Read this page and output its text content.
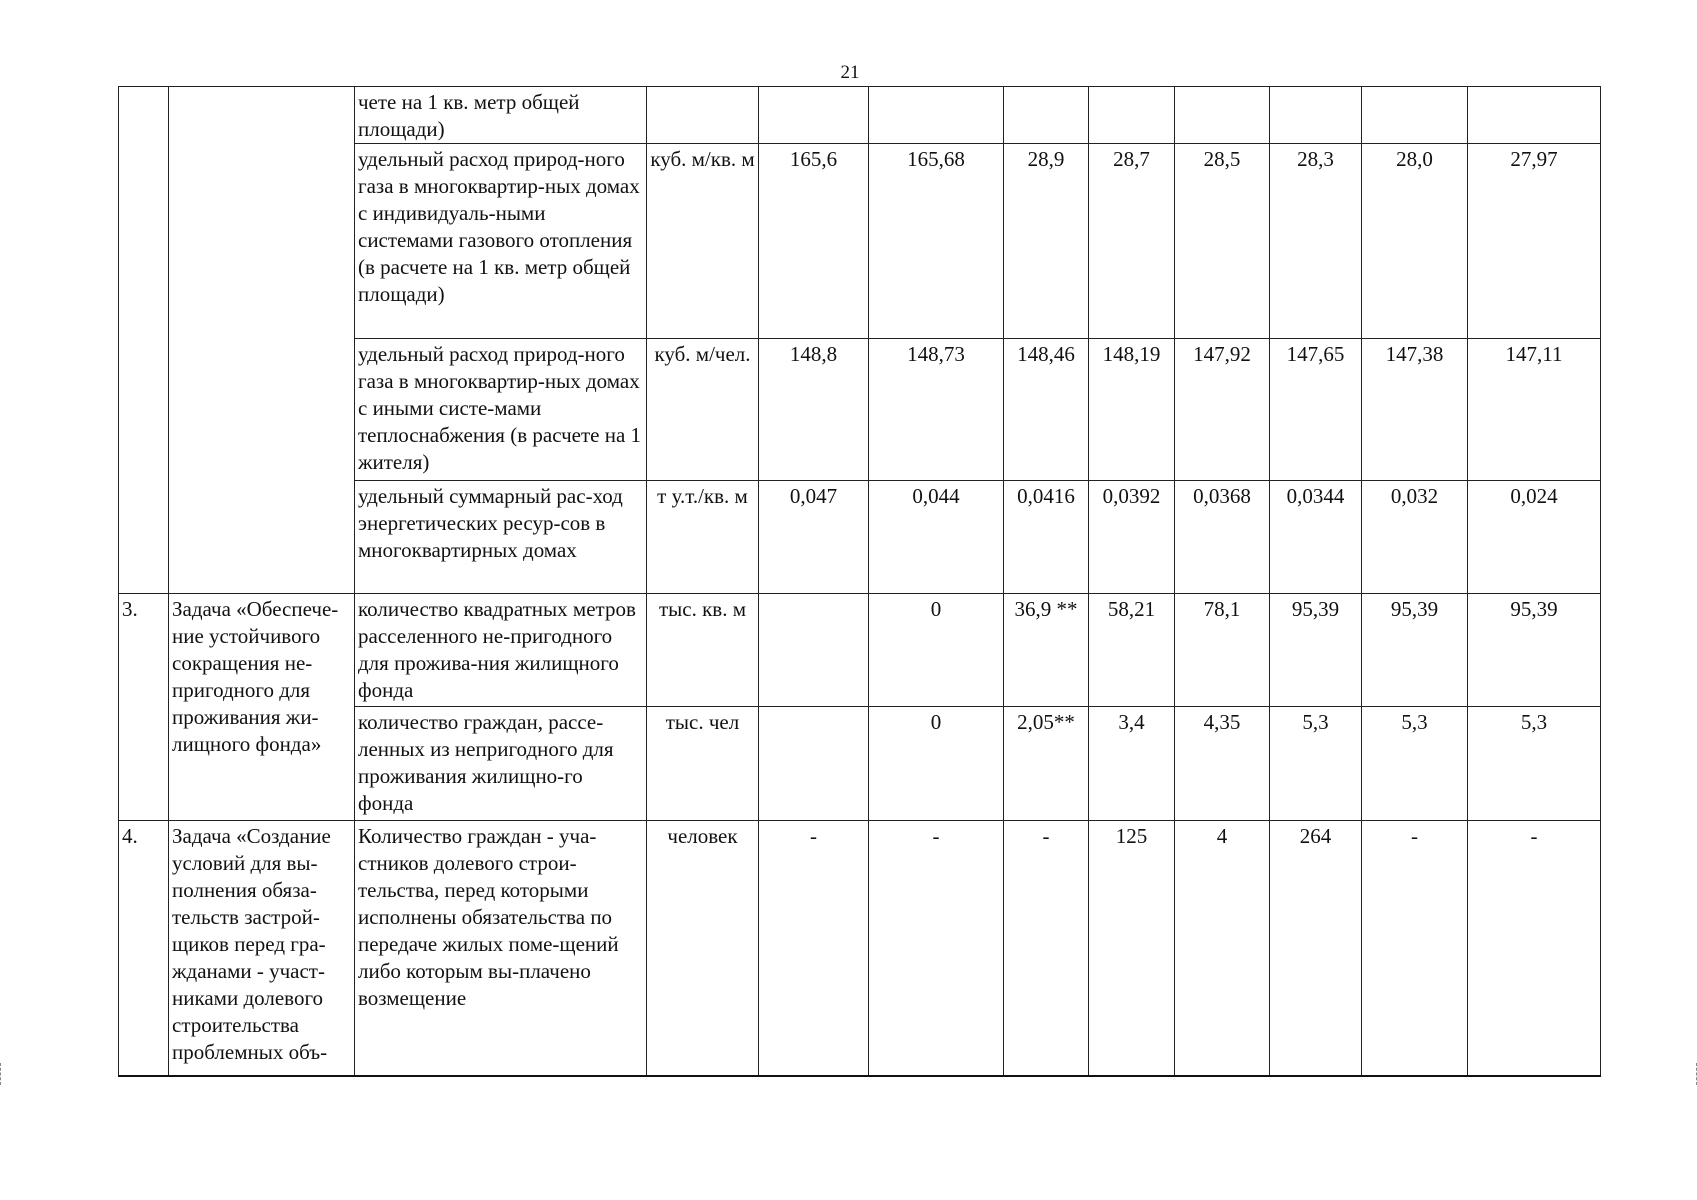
21
		чете на 1 кв. метр общей площади)									
		удельный расход природ-ного газа в многоквартир-ных домах с индивидуаль-ными системами газового отопления (в расчете на 1 кв. метр общей площади)	куб. м/кв. м	165,6	165,68	28,9	28,7	28,5	28,3	28,0	27,97
		удельный расход природ-ного газа в многоквартир-ных домах с иными систе-мами теплоснабжения (в расчете на 1 жителя)	куб. м/чел.	148,8	148,73	148,46	148,19	147,92	147,65	147,38	147,11
		удельный суммарный рас-ход энергетических ресур-сов в многоквартирных домах	т у.т./кв. м	0,047	0,044	0,0416	0,0392	0,0368	0,0344	0,032	0,024
3.	Задача «Обеспече-ние устойчивого сокращения не-пригодного для проживания жи-лищного фонда»	количество квадратных метров расселенного не-пригодного для прожива-ния жилищного фонда	тыс. кв. м		0	36,9 **	58,21	78,1	95,39	95,39	95,39
		количество граждан, рассе-ленных из непригодного для проживания жилищно-го фонда	тыс. чел		0	2,05**	3,4	4,35	5,3	5,3	5,3
4.	Задача «Создание условий для вы-полнения обяза-тельств застрой-щиков перед гра-жданами - участ-никами долевого строительства проблемных объ-	Количество граждан - уча-стников долевого строи-тельства, перед которыми исполнены обязательства по передаче жилых поме-щений либо которым вы-плачено возмещение	человек	-	-	-	125	4	264	-	-
